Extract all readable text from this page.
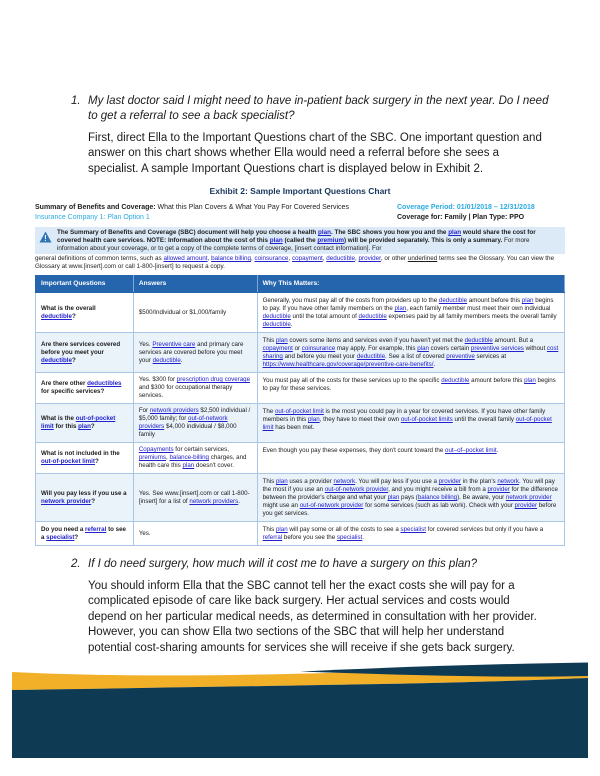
1. My last doctor said I might need to have in-patient back surgery in the next year. Do I need to get a referral to see a back specialist?

First, direct Ella to the Important Questions chart of the SBC. One important question and answer on this chart shows whether Ella would need a referral before she sees a specialist. A sample Important Questions chart is displayed below in Exhibit 2.

Exhibit 2: Sample Important Questions Chart
Summary of Benefits and Coverage: What this Plan Covers & What You Pay For Covered Services
Insurance Company 1: Plan Option 1
Coverage Period: 01/01/2018 – 12/31/2018
Coverage for: Family | Plan Type: PPO
!
The Summary of Benefits and Coverage (SBC) document will help you choose a health plan. The SBC shows you how you and the plan would share the cost for covered health care services. NOTE: Information about the cost of this plan (called the premium) will be provided separately. This is only a summary. For more information about your coverage, or to get a copy of the complete terms of coverage, [insert contact information]. For
general definitions of common terms, such as allowed amount, balance billing, coinsurance, copayment, deductible, provider, or other underlined terms see the Glossary. You can view the Glossary at www.[insert].com or call 1-800-[insert] to request a copy.
Important Questions	Answers	Why This Matters:
What is the overall deductible?	$500/Individual or $1,000/family	Generally, you must pay all of the costs from providers up to the deductible amount before this plan begins to pay. If you have other family members on the plan, each family member must meet their own individual deductible until the total amount of deductible expenses paid by all family members meets the overall family deductible.
Are there services covered before you meet your deductible?	Yes. Preventive care and primary care services are covered before you meet your deductible.	This plan covers some items and services even if you haven't yet met the deductible amount. But a copayment or coinsurance may apply. For example, this plan covers certain preventive services without cost sharing and before you meet your deductible. See a list of covered preventive services at https://www.healthcare.gov/coverage/preventive-care-benefits/.
Are there other deductibles for specific services?	Yes. $300 for prescription drug coverage and $300 for occupational therapy services.	You must pay all of the costs for these services up to the specific deductible amount before this plan begins to pay for these services.
What is the out-of-pocket limit for this plan?	For network providers $2,500 individual / $5,000 family; for out-of-network providers $4,000 individual / $8,000 family	The out-of-pocket limit is the most you could pay in a year for covered services. If you have other family members in this plan, they have to meet their own out-of-pocket limits until the overall family out-of-pocket limit has been met.
What is not included in the out-of-pocket limit?	Copayments for certain services, premiums, balance-billing charges, and health care this plan doesn't cover.	Even though you pay these expenses, they don't count toward the out–of–pocket limit.
Will you pay less if you use a network provider?	Yes. See www.[insert].com or call 1-800-[insert] for a list of network providers.	This plan uses a provider network. You will pay less if you use a provider in the plan's network. You will pay the most if you use an out-of-network provider, and you might receive a bill from a provider for the difference between the provider's charge and what your plan pays (balance billing). Be aware, your network provider might use an out-of-network provider for some services (such as lab work). Check with your provider before you get services.
Do you need a referral to see a specialist?	Yes.	This plan will pay some or all of the costs to see a specialist for covered services but only if you have a referral before you see the specialist.
2. If I do need surgery, how much will it cost me to have a surgery on this plan?

You should inform Ella that the SBC cannot tell her the exact costs she will pay for a complicated episode of care like back surgery. Her actual services and costs would depend on her particular medical needs, as determined in consultation with her provider. However, you can show Ella two sections of the SBC that will help her understand potential cost-sharing amounts for services she will receive if she gets back surgery.
